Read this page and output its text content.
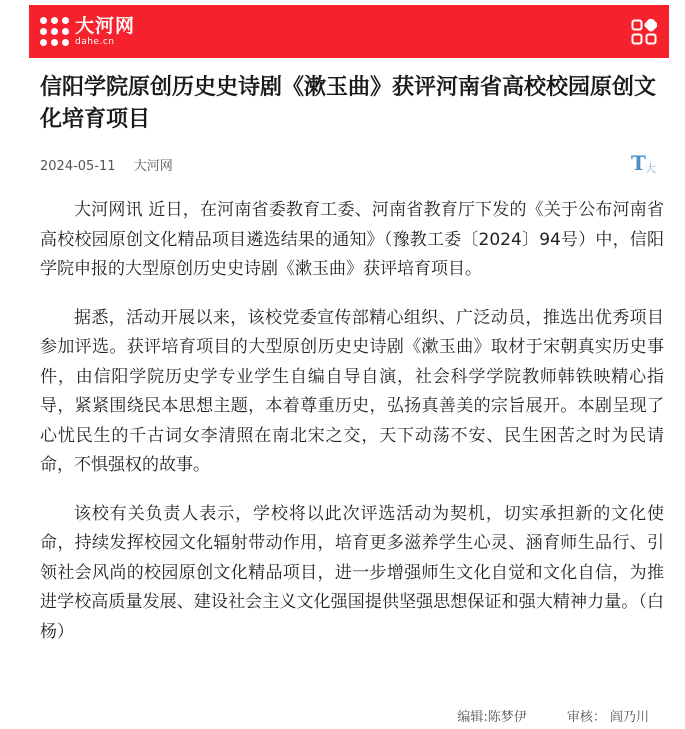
大河网
dahe.cn
信阳学院原创历史史诗剧《漱玉曲》获评河南省高校校园原创文化培育项目
2024-05-11 大河网	T 大

大河网讯 近日，在河南省委教育工委、河南省教育厅下发的《关于公布河南省高校校园原创文化精品项目遴选结果的通知》（豫教工委〔2024〕94号）中，信阳学院申报的大型原创历史史诗剧《漱玉曲》获评培育项目。

据悉，活动开展以来，该校党委宣传部精心组织、广泛动员，推选出优秀项目参加评选。获评培育项目的大型原创历史史诗剧《漱玉曲》取材于宋朝真实历史事件，由信阳学院历史学专业学生自编自导自演，社会科学学院教师韩铁映精心指导，紧紧围绕民本思想主题，本着尊重历史，弘扬真善美的宗旨展开。本剧呈现了心忧民生的千古词女李清照在南北宋之交，天下动荡不安、民生困苦之时为民请命，不惧强权的故事。

该校有关负责人表示，学校将以此次评选活动为契机，切实承担新的文化使命，持续发挥校园文化辐射带动作用，培育更多滋养学生心灵、涵育师生品行、引领社会风尚的校园原创文化精品项目，进一步增强师生文化自觉和文化自信，为推进学校高质量发展、建设社会主义文化强国提供坚强思想保证和强大精神力量。（白杨）

编辑:陈梦伊	审核： 阎乃川
